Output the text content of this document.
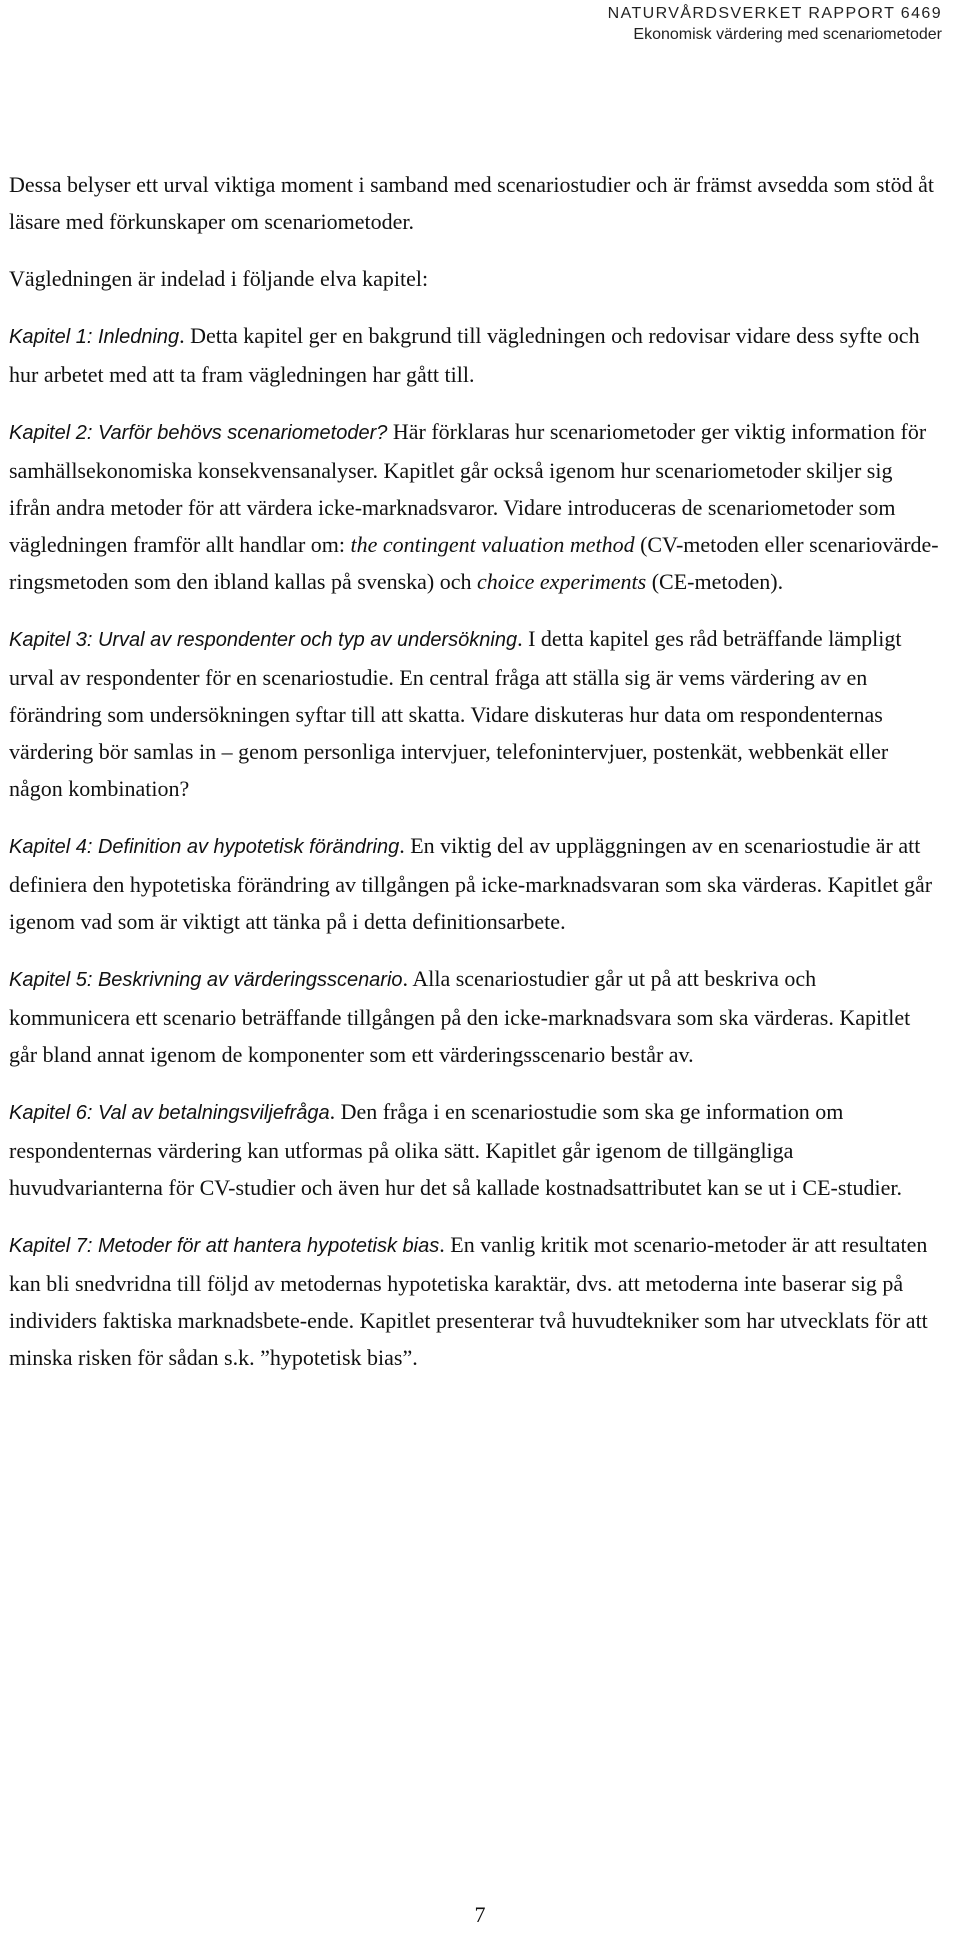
NATURVÅRDSVERKET RAPPORT 6469
Ekonomisk värdering med scenariometoder

Dessa belyser ett urval viktiga moment i samband med scenariostudier och är främst avsedda som stöd åt läsare med förkunskaper om scenariometoder.

Vägledningen är indelad i följande elva kapitel:

Kapitel 1: Inledning. Detta kapitel ger en bakgrund till vägledningen och redovisar vidare dess syfte och hur arbetet med att ta fram vägledningen har gått till.

Kapitel 2: Varför behövs scenariometoder? Här förklaras hur scenariometoder ger viktig information för samhällsekonomiska konsekvensanalyser. Kapitlet går också igenom hur scenariometoder skiljer sig ifrån andra metoder för att värdera icke-marknadsvaror. Vidare introduceras de scenariometoder som vägledningen framför allt handlar om: the contingent valuation method (CV-metoden eller scenariovärde-ringsmetoden som den ibland kallas på svenska) och choice experiments (CE-metoden).

Kapitel 3: Urval av respondenter och typ av undersökning. I detta kapitel ges råd beträffande lämpligt urval av respondenter för en scenariostudie. En central fråga att ställa sig är vems värdering av en förändring som undersökningen syftar till att skatta. Vidare diskuteras hur data om respondenternas värdering bör samlas in – genom personliga intervjuer, telefonintervjuer, postenkät, webbenkät eller någon kombination?

Kapitel 4: Definition av hypotetisk förändring. En viktig del av uppläggningen av en scenariostudie är att definiera den hypotetiska förändring av tillgången på icke-marknadsvaran som ska värderas. Kapitlet går igenom vad som är viktigt att tänka på i detta definitionsarbete.

Kapitel 5: Beskrivning av värderingsscenario. Alla scenariostudier går ut på att beskriva och kommunicera ett scenario beträffande tillgången på den icke-marknadsvara som ska värderas. Kapitlet går bland annat igenom de komponenter som ett värderingsscenario består av.

Kapitel 6: Val av betalningsviljefråga. Den fråga i en scenariostudie som ska ge information om respondenternas värdering kan utformas på olika sätt. Kapitlet går igenom de tillgängliga huvudvarianterna för CV-studier och även hur det så kallade kostnadsattributet kan se ut i CE-studier.

Kapitel 7: Metoder för att hantera hypotetisk bias. En vanlig kritik mot scenario-metoder är att resultaten kan bli snedvridna till följd av metodernas hypotetiska karaktär, dvs. att metoderna inte baserar sig på individers faktiska marknadsbete-ende. Kapitlet presenterar två huvudtekniker som har utvecklats för att minska risken för sådan s.k. ”hypotetisk bias”.

7
